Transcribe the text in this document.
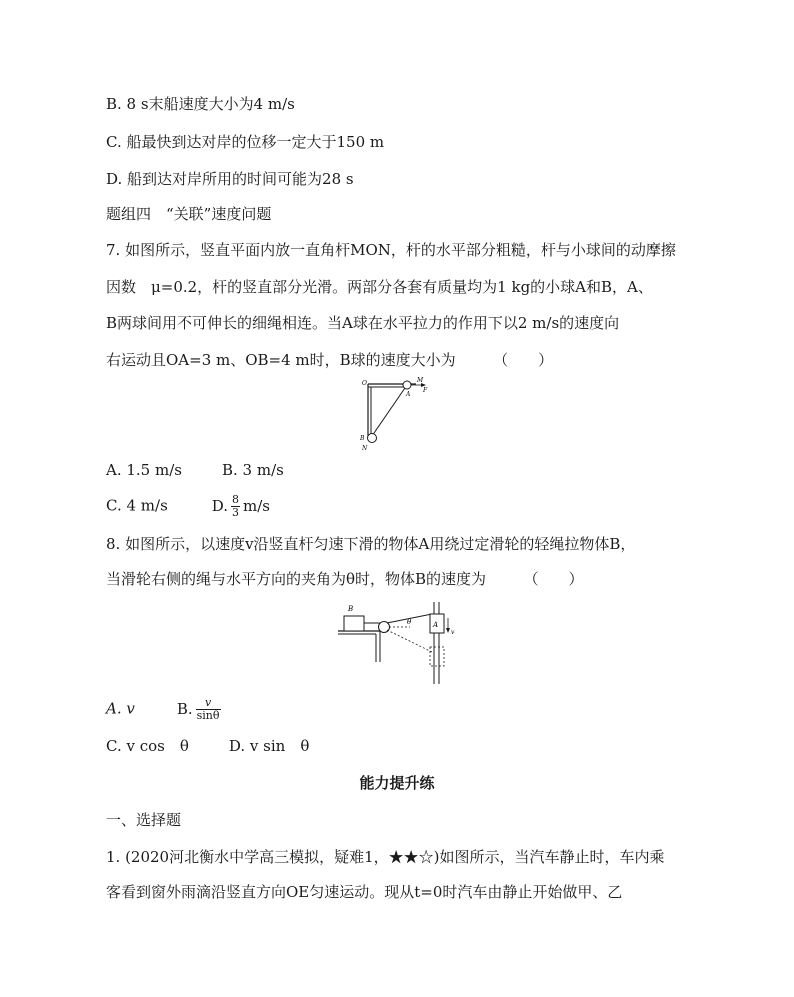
B. 8 s末船速度大小为4 m/s
C. 船最快到达对岸的位移一定大于150 m
D. 船到达对岸所用的时间可能为28 s
题组四　“关联”速度问题
7. 如图所示，竖直平面内放一直角杆MON，杆的水平部分粗糙，杆与小球间的动摩擦
因数　μ=0.2，杆的竖直部分光滑。两部分各套有质量均为1 kg的小球A和B，A、
B两球间用不可伸长的细绳相连。当A球在水平拉力的作用下以2 m/s的速度向
右运动且OA=3 m、OB=4 m时，B球的速度大小为　　　（　　）
O	M
A
F
B
N
A. 1.5 m/s	B. 3 m/s
C. 4 m/s	D. $\frac{8}{3} m/s$
8. 如图所示，以速度v沿竖直杆匀速下滑的物体A用绕过定滑轮的轻绳拉物体B，
当滑轮右侧的绳与水平方向的夹角为θ时，物体B的速度为　　　（　　）
B
θ	A
v
A. v	B. $\frac{v}{\sin\theta}$
C. v cos　θ	D. v sin　θ
能力提升练
一、选择题
1. (2020河北衡水中学高三模拟，疑难1，★★☆)如图所示，当汽车静止时，车内乘
客看到窗外雨滴沿竖直方向OE匀速运动。现从t=0时汽车由静止开始做甲、乙
